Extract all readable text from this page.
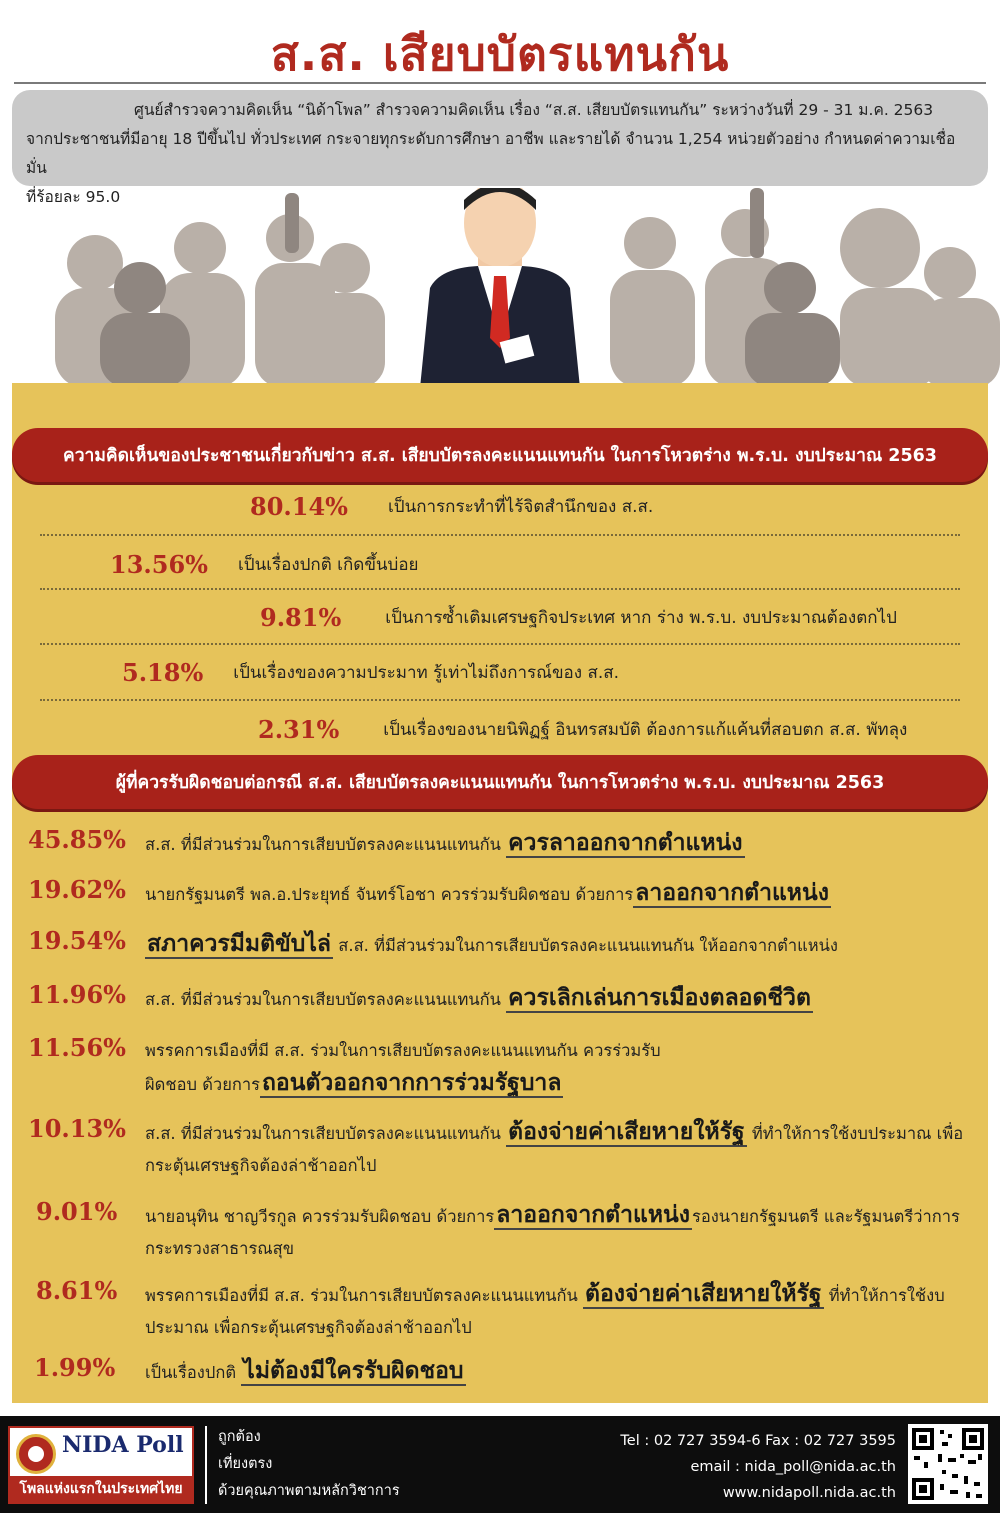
ส.ส. เสียบบัตรแทนกัน

ศูนย์สำรวจความคิดเห็น “นิด้าโพล” สำรวจความคิดเห็น เรื่อง “ส.ส. เสียบบัตรแทนกัน” ระหว่างวันที่ 29 - 31 ม.ค. 2563

จากประชาชนที่มีอายุ 18 ปีขึ้นไป ทั่วประเทศ กระจายทุกระดับการศึกษา อาชีพ และรายได้ จำนวน 1,254 หน่วยตัวอย่าง กำหนดค่าความเชื่อมั่น

ที่ร้อยละ 95.0

ความคิดเห็นของประชาชนเกี่ยวกับข่าว ส.ส. เสียบบัตรลงคะแนนแทนกัน ในการโหวตร่าง พ.ร.บ. งบประมาณ 2563
80.14% เป็นการกระทำที่ไร้จิตสำนึกของ ส.ส.
13.56% เป็นเรื่องปกติ เกิดขึ้นบ่อย
9.81%	เป็นการซ้ำเติมเศรษฐกิจประเทศ หาก ร่าง พ.ร.บ. งบประมาณต้องตกไป
5.18% เป็นเรื่องของความประมาท รู้เท่าไม่ถึงการณ์ของ ส.ส.
2.31%	เป็นเรื่องของนายนิพิฏฐ์ อินทรสมบัติ ต้องการแก้แค้นที่สอบตก ส.ส. พัทลุง
ผู้ที่ควรรับผิดชอบต่อกรณี ส.ส. เสียบบัตรลงคะแนนแทนกัน ในการโหวตร่าง พ.ร.บ. งบประมาณ 2563
45.85%	ส.ส. ที่มีส่วนร่วมในการเสียบบัตรลงคะแนนแทนกัน ควรลาออกจากตำแหน่ง
19.62%	นายกรัฐมนตรี พล.อ.ประยุทธ์ จันทร์โอชา ควรร่วมรับผิดชอบ ด้วยการลาออกจากตำแหน่ง
19.54% สภาควรมีมติขับไล่ ส.ส. ที่มีส่วนร่วมในการเสียบบัตรลงคะแนนแทนกัน ให้ออกจากตำแหน่ง
11.96%	ส.ส. ที่มีส่วนร่วมในการเสียบบัตรลงคะแนนแทนกัน ควรเลิกเล่นการเมืองตลอดชีวิต
11.56%	พรรคการเมืองที่มี ส.ส. ร่วมในการเสียบบัตรลงคะแนนแทนกัน ควรร่วมรับผิดชอบ ด้วยการถอนตัวออกจากการร่วมรัฐบาล
10.13%	ส.ส. ที่มีส่วนร่วมในการเสียบบัตรลงคะแนนแทนกัน ต้องจ่ายค่าเสียหายให้รัฐ ที่ทำให้การใช้งบประมาณ เพื่อกระตุ้นเศรษฐกิจต้องล่าช้าออกไป
9.01%	นายอนุทิน ชาญวีรกูล ควรร่วมรับผิดชอบ ด้วยการลาออกจากตำแหน่ง รองนายกรัฐมนตรี และรัฐมนตรีว่าการกระทรวงสาธารณสุข
8.61%	พรรคการเมืองที่มี ส.ส. ร่วมในการเสียบบัตรลงคะแนนแทนกัน ต้องจ่ายค่าเสียหายให้รัฐ ที่ทำให้การใช้งบประมาณ เพื่อกระตุ้นเศรษฐกิจต้องล่าช้าออกไป
1.99%	เป็นเรื่องปกติ ไม่ต้องมีใครรับผิดชอบ
NIDA Poll
โพลแห่งแรกในประเทศไทย
ถูกต้อง
เที่ยงตรง
ด้วยคุณภาพตามหลักวิชาการ
Tel : 02 727 3594-6 Fax : 02 727 3595
email : nida_poll@nida.ac.th
www.nidapoll.nida.ac.th
